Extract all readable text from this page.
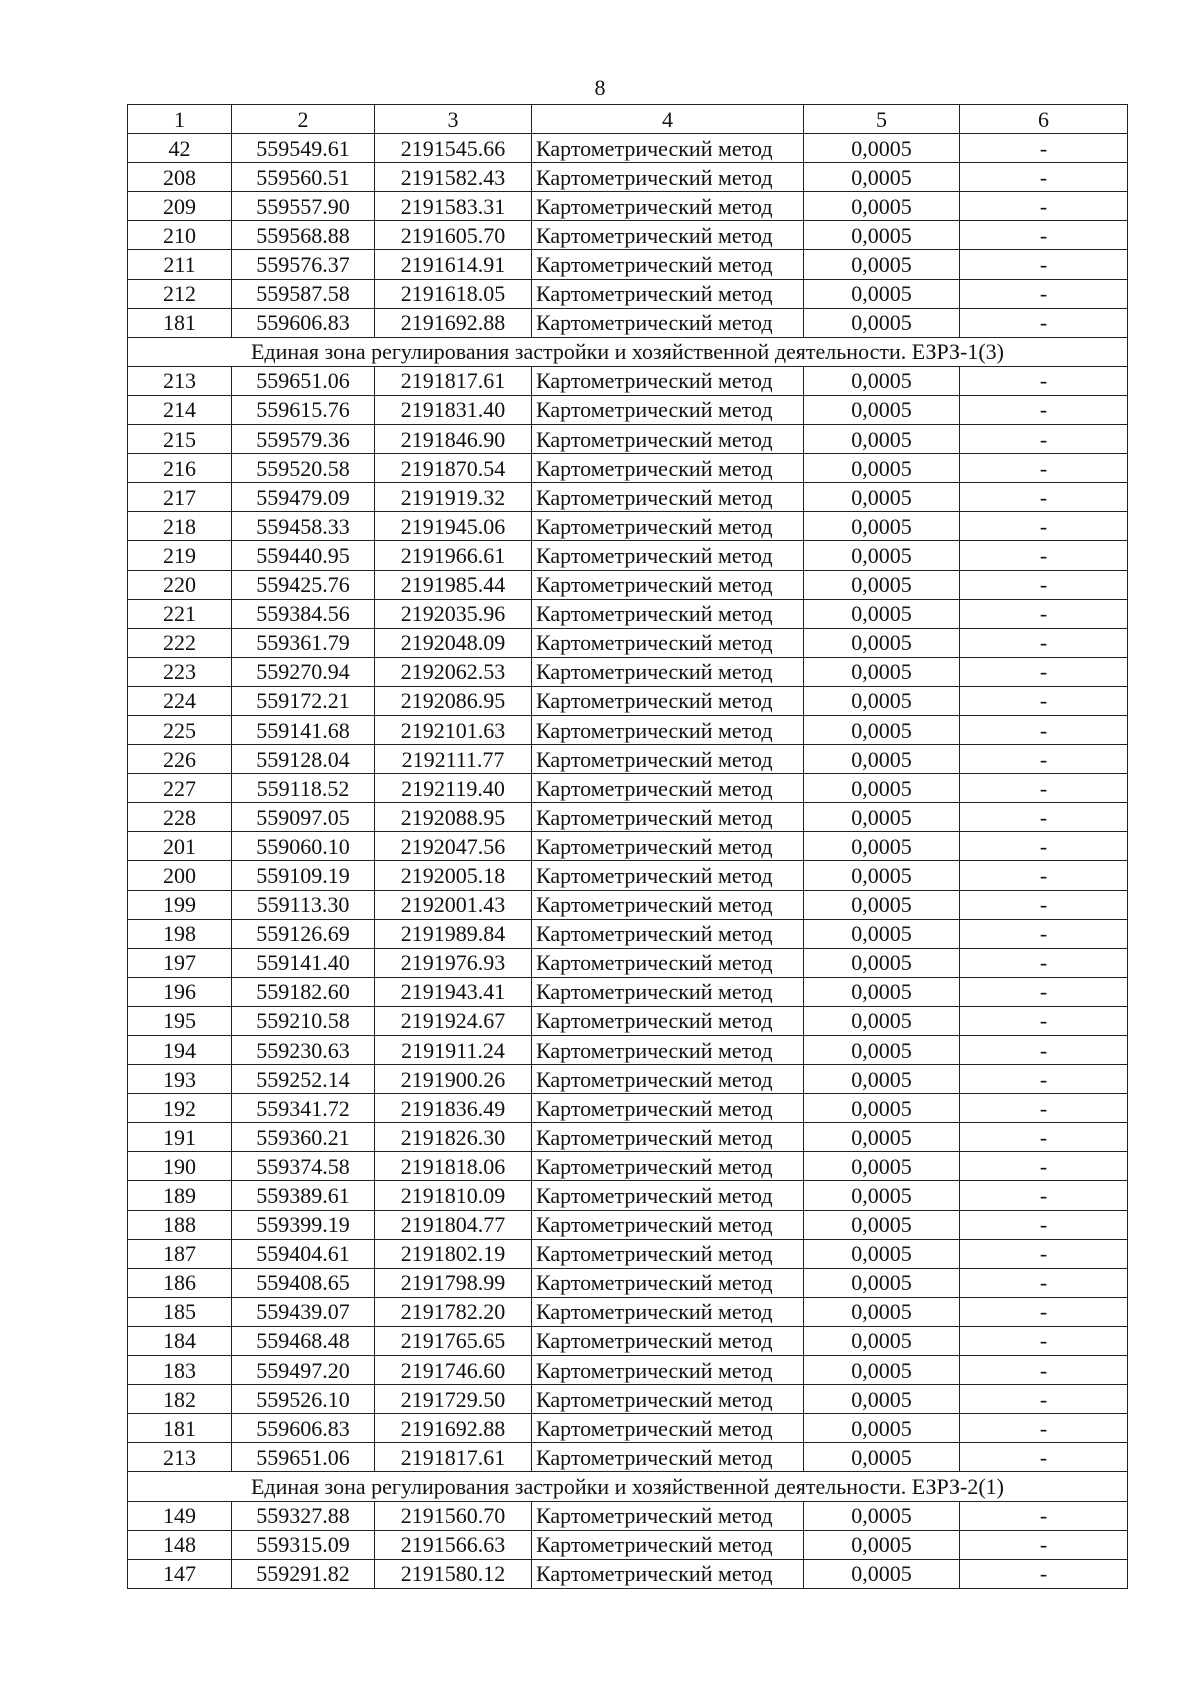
8
1	2	3	4	5	6
42	559549.61	2191545.66	Картометрический метод	0,0005	-
208	559560.51	2191582.43	Картометрический метод	0,0005	-
209	559557.90	2191583.31	Картометрический метод	0,0005	-
210	559568.88	2191605.70	Картометрический метод	0,0005	-
211	559576.37	2191614.91	Картометрический метод	0,0005	-
212	559587.58	2191618.05	Картометрический метод	0,0005	-
181	559606.83	2191692.88	Картометрический метод	0,0005	-
Единая зона регулирования застройки и хозяйственной деятельности. ЕЗРЗ-1(3)					
213	559651.06	2191817.61	Картометрический метод	0,0005	-
214	559615.76	2191831.40	Картометрический метод	0,0005	-
215	559579.36	2191846.90	Картометрический метод	0,0005	-
216	559520.58	2191870.54	Картометрический метод	0,0005	-
217	559479.09	2191919.32	Картометрический метод	0,0005	-
218	559458.33	2191945.06	Картометрический метод	0,0005	-
219	559440.95	2191966.61	Картометрический метод	0,0005	-
220	559425.76	2191985.44	Картометрический метод	0,0005	-
221	559384.56	2192035.96	Картометрический метод	0,0005	-
222	559361.79	2192048.09	Картометрический метод	0,0005	-
223	559270.94	2192062.53	Картометрический метод	0,0005	-
224	559172.21	2192086.95	Картометрический метод	0,0005	-
225	559141.68	2192101.63	Картометрический метод	0,0005	-
226	559128.04	2192111.77	Картометрический метод	0,0005	-
227	559118.52	2192119.40	Картометрический метод	0,0005	-
228	559097.05	2192088.95	Картометрический метод	0,0005	-
201	559060.10	2192047.56	Картометрический метод	0,0005	-
200	559109.19	2192005.18	Картометрический метод	0,0005	-
199	559113.30	2192001.43	Картометрический метод	0,0005	-
198	559126.69	2191989.84	Картометрический метод	0,0005	-
197	559141.40	2191976.93	Картометрический метод	0,0005	-
196	559182.60	2191943.41	Картометрический метод	0,0005	-
195	559210.58	2191924.67	Картометрический метод	0,0005	-
194	559230.63	2191911.24	Картометрический метод	0,0005	-
193	559252.14	2191900.26	Картометрический метод	0,0005	-
192	559341.72	2191836.49	Картометрический метод	0,0005	-
191	559360.21	2191826.30	Картометрический метод	0,0005	-
190	559374.58	2191818.06	Картометрический метод	0,0005	-
189	559389.61	2191810.09	Картометрический метод	0,0005	-
188	559399.19	2191804.77	Картометрический метод	0,0005	-
187	559404.61	2191802.19	Картометрический метод	0,0005	-
186	559408.65	2191798.99	Картометрический метод	0,0005	-
185	559439.07	2191782.20	Картометрический метод	0,0005	-
184	559468.48	2191765.65	Картометрический метод	0,0005	-
183	559497.20	2191746.60	Картометрический метод	0,0005	-
182	559526.10	2191729.50	Картометрический метод	0,0005	-
181	559606.83	2191692.88	Картометрический метод	0,0005	-
213	559651.06	2191817.61	Картометрический метод	0,0005	-
Единая зона регулирования застройки и хозяйственной деятельности. ЕЗРЗ-2(1)					
149	559327.88	2191560.70	Картометрический метод	0,0005	-
148	559315.09	2191566.63	Картометрический метод	0,0005	-
147	559291.82	2191580.12	Картометрический метод	0,0005	-
